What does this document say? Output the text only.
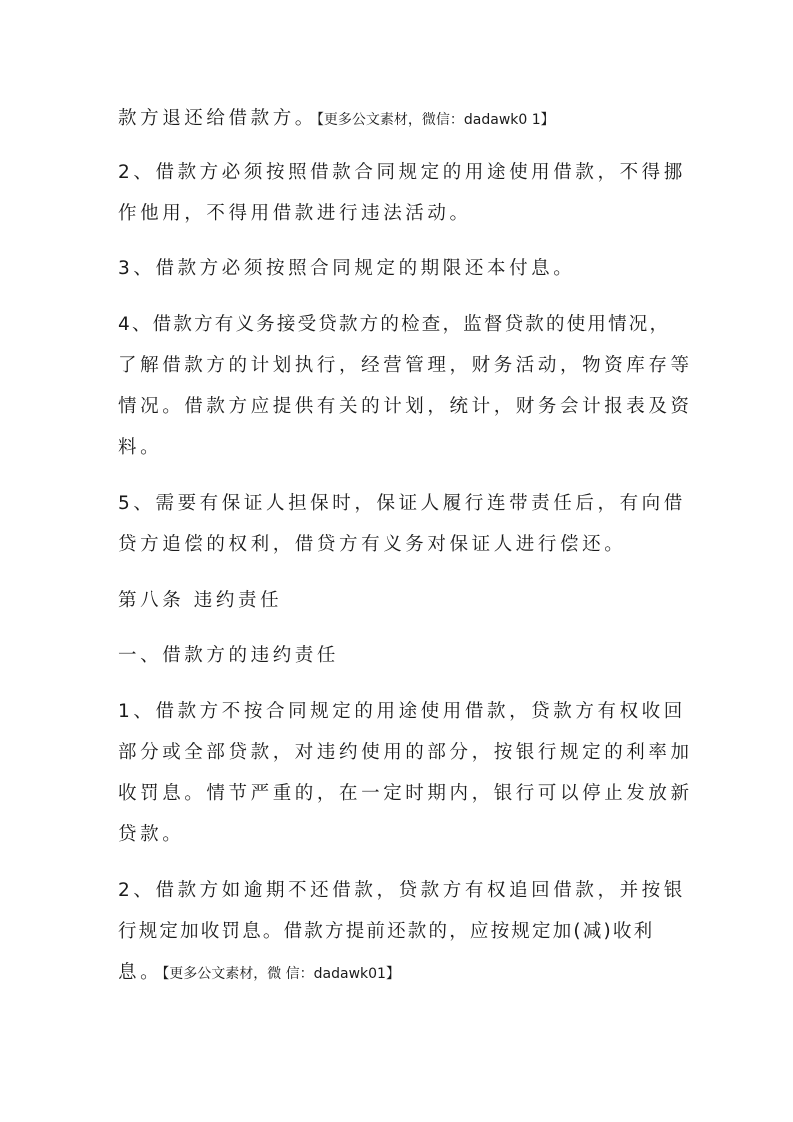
款方退还给借款方。【更多公文素材，微信：dadawk0 1】
2、借款方必须按照借款合同规定的用途使用借款，不得挪
作他用，不得用借款进行违法活动。
3、借款方必须按照合同规定的期限还本付息。
4、借款方有义务接受贷款方的检查，监督贷款的使用情况，
了解借款方的计划执行，经营管理，财务活动，物资库存等
情况。借款方应提供有关的计划，统计，财务会计报表及资
料。
5、需要有保证人担保时，保证人履行连带责任后，有向借
贷方追偿的权利，借贷方有义务对保证人进行偿还。
第八条 违约责任
一、借款方的违约责任
1、借款方不按合同规定的用途使用借款，贷款方有权收回
部分或全部贷款，对违约使用的部分，按银行规定的利率加
收罚息。情节严重的，在一定时期内，银行可以停止发放新
贷款。
2、借款方如逾期不还借款，贷款方有权追回借款，并按银
行规定加收罚息。借款方提前还款的，应按规定加(减)收利
息。【更多公文素材，微 信：dadawk01】
